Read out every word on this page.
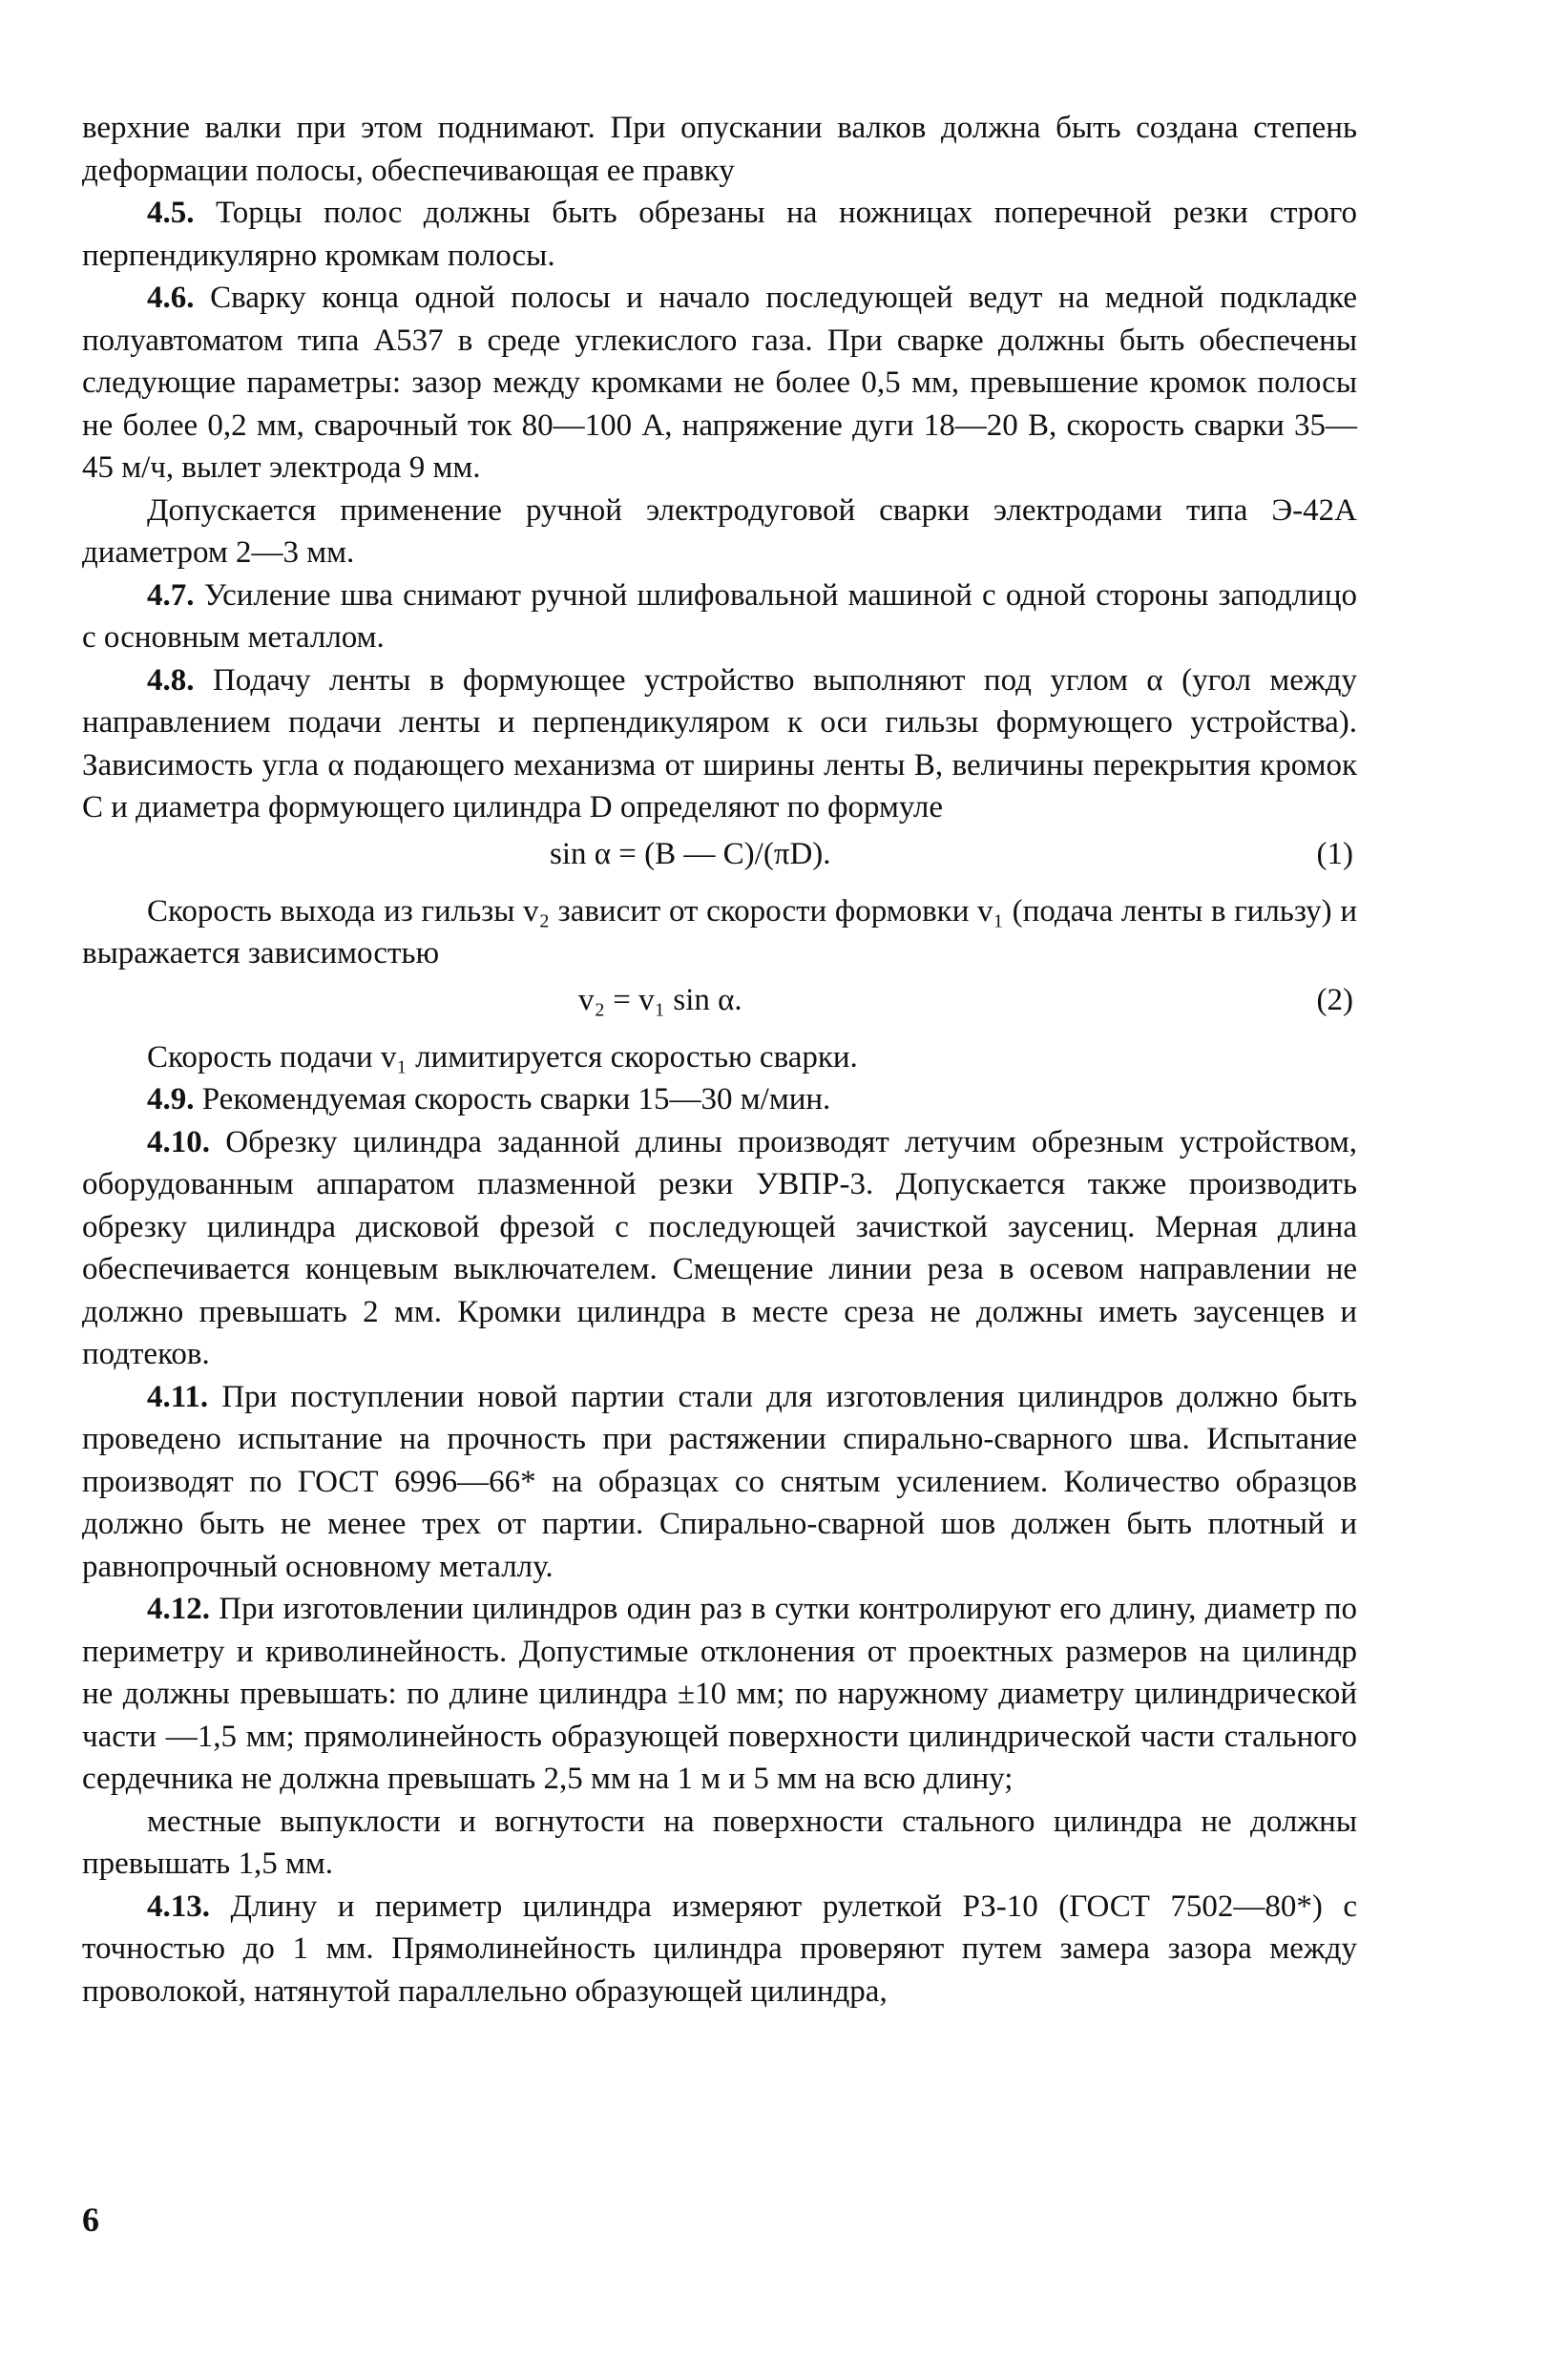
верхние валки при этом поднимают. При опускании валков должна быть создана степень деформации полосы, обеспечивающая ее правку

4.5. Торцы полос должны быть обрезаны на ножницах поперечной резки строго перпендикулярно кромкам полосы.

4.6. Сварку конца одной полосы и начало последующей ведут на медной подкладке полуавтоматом типа А537 в среде углекислого газа. При сварке должны быть обеспечены следующие параметры: зазор между кромками не более 0,5 мм, превышение кромок полосы не более 0,2 мм, сварочный ток 80—100 А, напряжение дуги 18—20 В, скорость сварки 35—45 м/ч, вылет электрода 9 мм.

Допускается применение ручной электродуговой сварки электродами типа Э-42А диаметром 2—3 мм.

4.7. Усиление шва снимают ручной шлифовальной машиной с одной стороны заподлицо с основным металлом.

4.8. Подачу ленты в формующее устройство выполняют под углом α (угол между направлением подачи ленты и перпендикуляром к оси гильзы формующего устройства). Зависимость угла α подающего механизма от ширины ленты B, величины перекрытия кромок C и диаметра формующего цилиндра D определяют по формуле

sin α = (B — C)/(πD).	(1)

Скорость выхода из гильзы v₂ зависит от скорости формовки v₁ (подача ленты в гильзу) и выражается зависимостью

v₂ = v₁ sin α.	(2)

Скорость подачи v₁ лимитируется скоростью сварки.

4.9. Рекомендуемая скорость сварки 15—30 м/мин.

4.10. Обрезку цилиндра заданной длины производят летучим обрезным устройством, оборудованным аппаратом плазменной резки УВПР-3. Допускается также производить обрезку цилиндра дисковой фрезой с последующей зачисткой заусениц. Мерная длина обеспечивается концевым выключателем. Смещение линии реза в осевом направлении не должно превышать 2 мм. Кромки цилиндра в месте среза не должны иметь заусенцев и подтеков.

4.11. При поступлении новой партии стали для изготовления цилиндров должно быть проведено испытание на прочность при растяжении спирально-сварного шва. Испытание производят по ГОСТ 6996—66* на образцах со снятым усилением. Количество образцов должно быть не менее трех от партии. Спирально-сварной шов должен быть плотный и равнопрочный основному металлу.

4.12. При изготовлении цилиндров один раз в сутки контролируют его длину, диаметр по периметру и криволинейность. Допустимые отклонения от проектных размеров на цилиндр не должны превышать: по длине цилиндра ±10 мм; по наружному диаметру цилиндрической части —1,5 мм; прямолинейность образующей поверхности цилиндрической части стального сердечника не должна превышать 2,5 мм на 1 м и 5 мм на всю длину;

местные выпуклости и вогнутости на поверхности стального цилиндра не должны превышать 1,5 мм.

4.13. Длину и периметр цилиндра измеряют рулеткой РЗ-10 (ГОСТ 7502—80*) с точностью до 1 мм. Прямолинейность цилиндра проверяют путем замера зазора между проволокой, натянутой параллельно образующей цилиндра,

6
